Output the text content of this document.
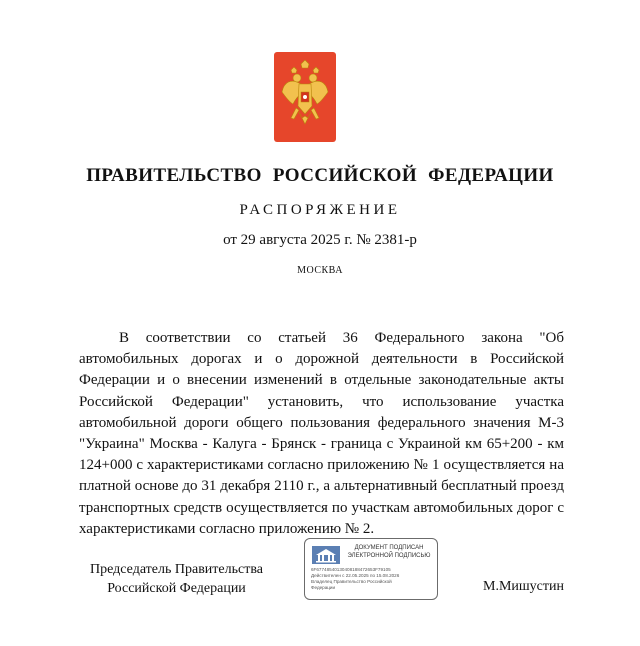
ПРАВИТЕЛЬСТВО РОССИЙСКОЙ ФЕДЕРАЦИИ
РАСПОРЯЖЕНИЕ
от 29 августа 2025 г. № 2381-р
МОСКВА

В соответствии со статьей 36 Федерального закона "Об автомобильных дорогах и о дорожной деятельности в Российской Федерации и о внесении изменений в отдельные законодательные акты Российской Федерации" установить, что использование участка автомобильной дороги общего пользования федерального значения М-3 "Украина" Москва - Калуга - Брянск - граница с Украиной км 65+200 - км 124+000 с характеристиками согласно приложению № 1 осуществляется на платной основе до 31 декабря 2110 г., а альтернативный бесплатный проезд транспортных средств осуществляется по участкам автомобильных дорог с характеристиками согласно приложению № 2.

Председатель Правительства
Российской Федерации
ДОКУМЕНТ ПОДПИСАН ЭЛЕКТРОННОЙ ПОДПИСЬЮ
6F67748540130408188472653F79105
Действителен с 22.05.2025 по 15.08.2026
Владелец Правительство Российской
Федерации	М.Мишустин
